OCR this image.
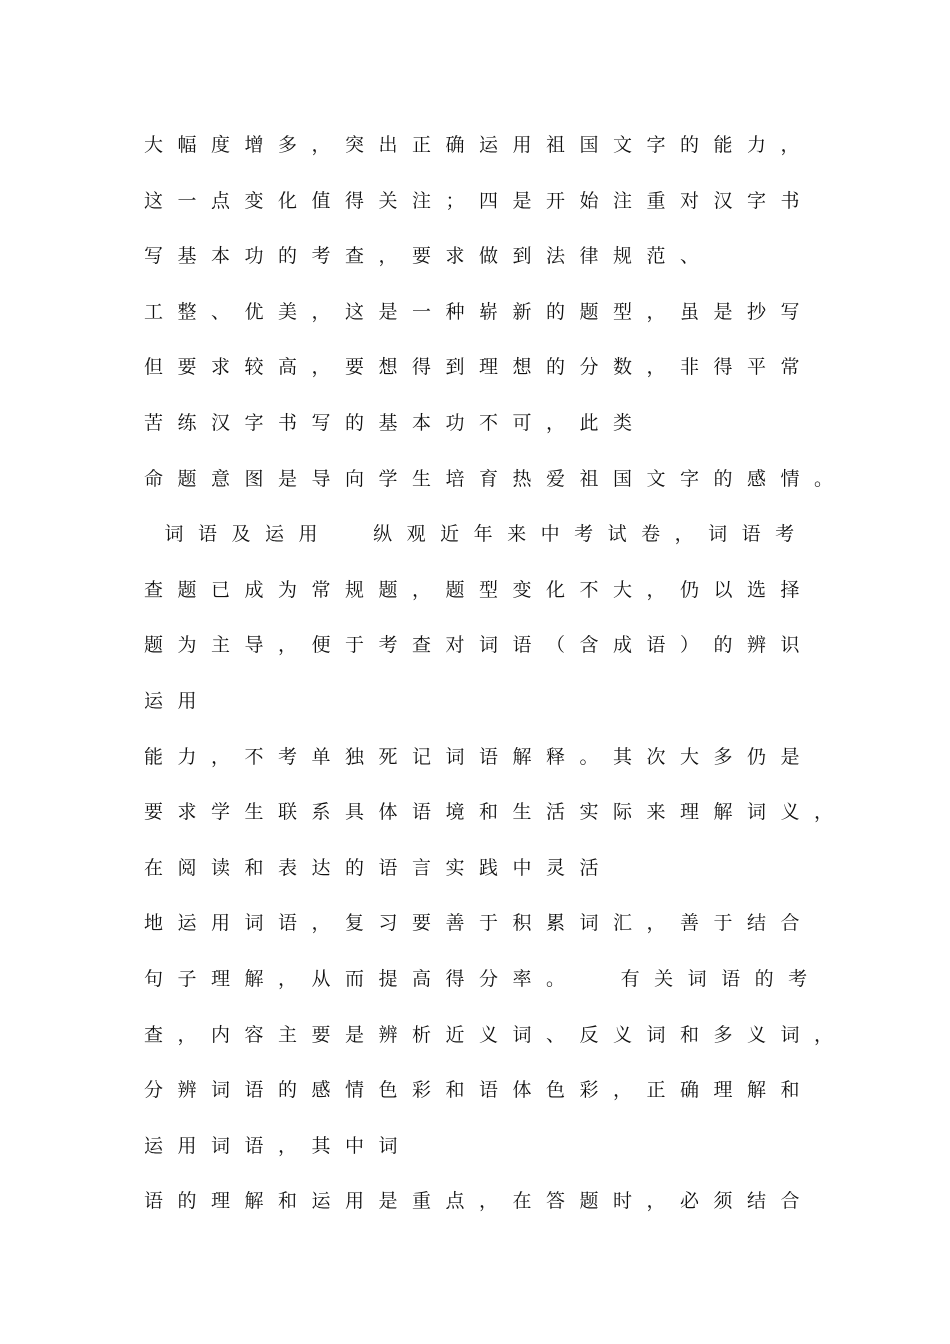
大幅度增多，突出正确运用祖国文字的能力，
这一点变化值得关注；四是开始注重对汉字书
写基本功的考查，要求做到法律规范、
工整、优美，这是一种崭新的题型，虽是抄写
但要求较高，要想得到理想的分数，非得平常
苦练汉字书写的基本功不可，此类
命题意图是导向学生培育热爱祖国文字的感情。
词语及运用  纵观近年来中考试卷，词语考
查题已成为常规题，题型变化不大，仍以选择
题为主导，便于考查对词语（含成语）的辨识
运用
能力，不考单独死记词语解释。其次大多仍是
要求学生联系具体语境和生活实际来理解词义，
在阅读和表达的语言实践中灵活
地运用词语，复习要善于积累词汇，善于结合
句子理解，从而提高得分率。  有关词语的考
查，内容主要是辨析近义词、反义词和多义词，
分辨词语的感情色彩和语体色彩，正确理解和
运用词语，其中词
语的理解和运用是重点，在答题时，必须结合
